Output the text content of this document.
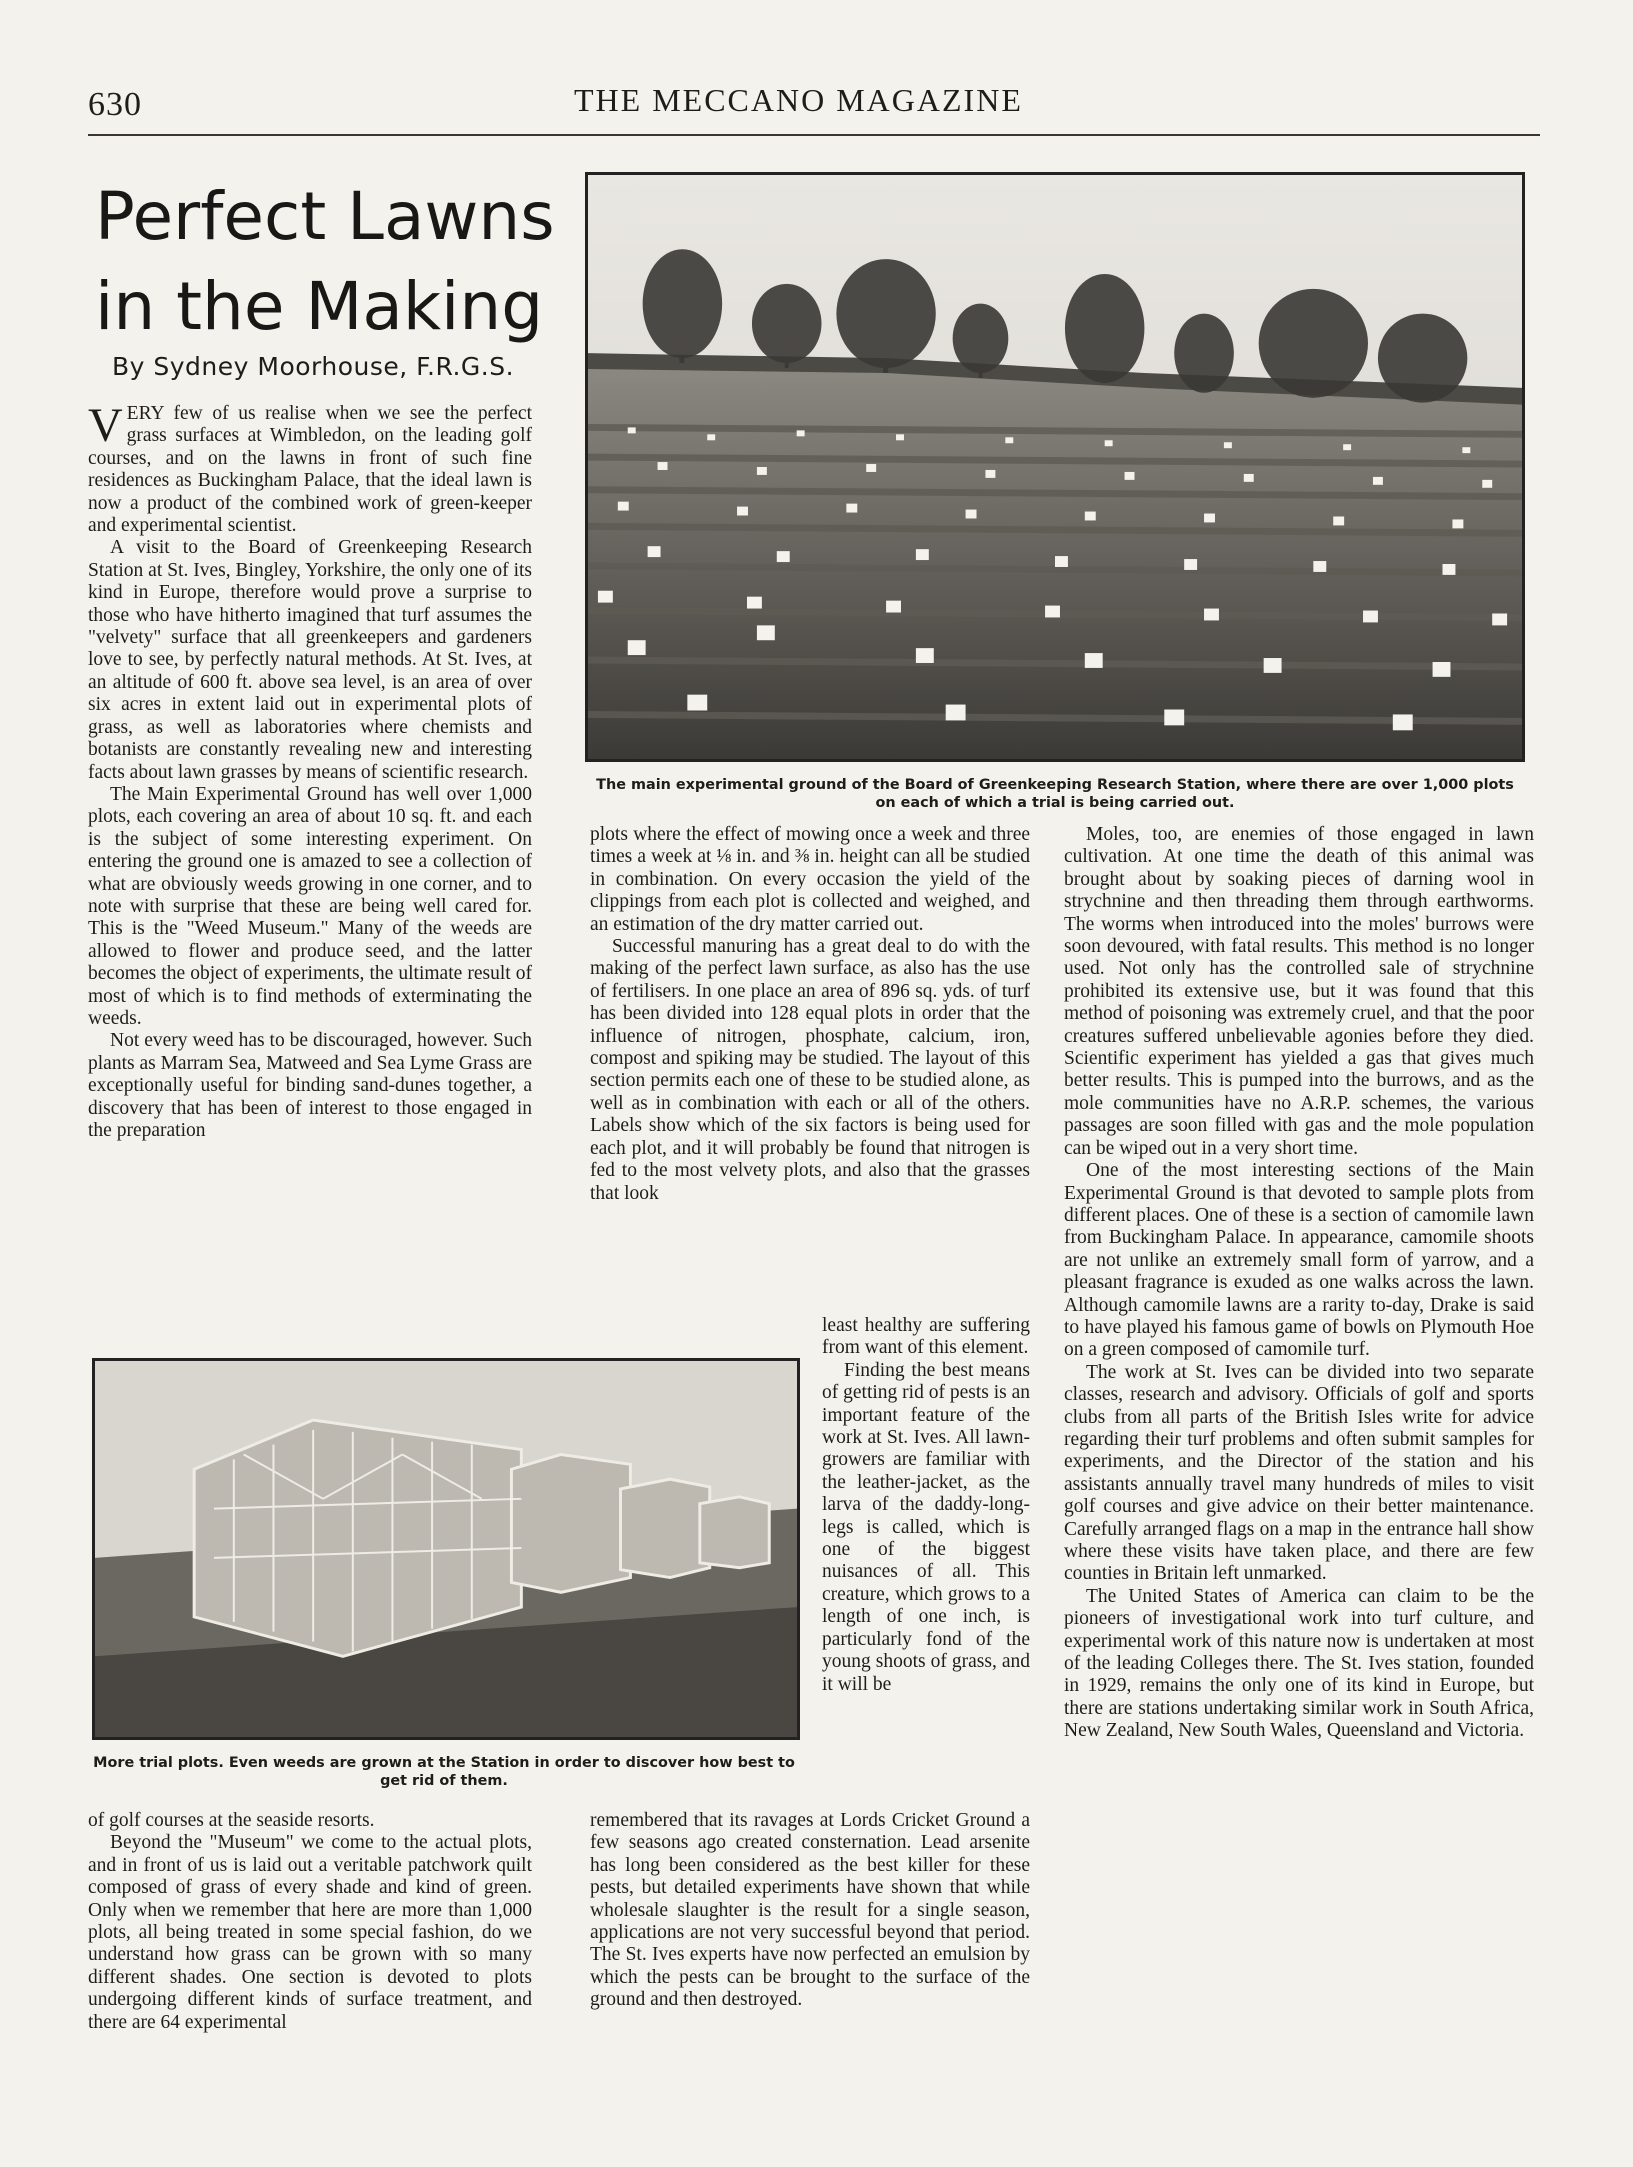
630	THE MECCANO MAGAZINE
Perfect Lawns
in the Making
By Sydney Moorhouse, F.R.G.S.
The main experimental ground of the Board of Greenkeeping Research Station, where there are over 1,000 plots on each of which a trial is being carried out.

VERY few of us realise when we see the perfect grass surfaces at Wimbledon, on the leading golf courses, and on the lawns in front of such fine residences as Buckingham Palace, that the ideal lawn is now a product of the combined work of green-keeper and experimental scientist.

A visit to the Board of Greenkeeping Research Station at St. Ives, Bingley, Yorkshire, the only one of its kind in Europe, therefore would prove a surprise to those who have hitherto imagined that turf assumes the "velvety" surface that all greenkeepers and gardeners love to see, by perfectly natural methods. At St. Ives, at an altitude of 600 ft. above sea level, is an area of over six acres in extent laid out in experimental plots of grass, as well as laboratories where chemists and botanists are constantly revealing new and interesting facts about lawn grasses by means of scientific research.

The Main Experimental Ground has well over 1,000 plots, each covering an area of about 10 sq. ft. and each is the subject of some interesting experiment. On entering the ground one is amazed to see a collection of what are obviously weeds growing in one corner, and to note with surprise that these are being well cared for. This is the "Weed Museum." Many of the weeds are allowed to flower and produce seed, and the latter becomes the object of experiments, the ultimate result of most of which is to find methods of exterminating the weeds.

Not every weed has to be discouraged, however. Such plants as Marram Sea, Matweed and Sea Lyme Grass are exceptionally useful for binding sand-dunes together, a discovery that has been of interest to those engaged in the preparation

plots where the effect of mowing once a week and three times a week at ⅛ in. and ⅜ in. height can all be studied in combination. On every occasion the yield of the clippings from each plot is collected and weighed, and an estimation of the dry matter carried out.

Successful manuring has a great deal to do with the making of the perfect lawn surface, as also has the use of fertilisers. In one place an area of 896 sq. yds. of turf has been divided into 128 equal plots in order that the influence of nitrogen, phosphate, calcium, iron, compost and spiking may be studied. The layout of this section permits each one of these to be studied alone, as well as in combination with each or all of the others. Labels show which of the six factors is being used for each plot, and it will probably be found that nitrogen is fed to the most velvety plots, and also that the grasses that look

Moles, too, are enemies of those engaged in lawn cultivation. At one time the death of this animal was brought about by soaking pieces of darning wool in strychnine and then threading them through earthworms. The worms when introduced into the moles' burrows were soon devoured, with fatal results. This method is no longer used. Not only has the controlled sale of strychnine prohibited its extensive use, but it was found that this method of poisoning was extremely cruel, and that the poor creatures suffered unbelievable agonies before they died. Scientific experiment has yielded a gas that gives much better results. This is pumped into the burrows, and as the mole communities have no A.R.P. schemes, the various passages are soon filled with gas and the mole population can be wiped out in a very short time.

One of the most interesting sections of the Main Experimental Ground is that devoted to sample plots from different places. One of these is a section of camomile lawn from Buckingham Palace. In appearance, camomile shoots are not unlike an extremely small form of yarrow, and a pleasant fragrance is exuded as one walks across the lawn. Although camomile lawns are a rarity to-day, Drake is said to have played his famous game of bowls on Plymouth Hoe on a green composed of camomile turf.

The work at St. Ives can be divided into two separate classes, research and advisory. Officials of golf and sports clubs from all parts of the British Isles write for advice regarding their turf problems and often submit samples for experiments, and the Director of the station and his assistants annually travel many hundreds of miles to visit golf courses and give advice on their better maintenance. Carefully arranged flags on a map in the entrance hall show where these visits have taken place, and there are few counties in Britain left unmarked.

The United States of America can claim to be the pioneers of investigational work into turf culture, and experimental work of this nature now is undertaken at most of the leading Colleges there. The St. Ives station, founded in 1929, remains the only one of its kind in Europe, but there are stations undertaking similar work in South Africa, New Zealand, New South Wales, Queensland and Victoria.

More trial plots. Even weeds are grown at the Station in order to discover how best to get rid of them.

least healthy are suffering from want of this element.

Finding the best means of getting rid of pests is an important feature of the work at St. Ives. All lawn-growers are familiar with the leather-jacket, as the larva of the daddy-long-legs is called, which is one of the biggest nuisances of all. This creature, which grows to a length of one inch, is particularly fond of the young shoots of grass, and it will be

of golf courses at the seaside resorts.

Beyond the "Museum" we come to the actual plots, and in front of us is laid out a veritable patchwork quilt composed of grass of every shade and kind of green. Only when we remember that here are more than 1,000 plots, all being treated in some special fashion, do we understand how grass can be grown with so many different shades. One section is devoted to plots undergoing different kinds of surface treatment, and there are 64 experimental

remembered that its ravages at Lords Cricket Ground a few seasons ago created consternation. Lead arsenite has long been considered as the best killer for these pests, but detailed experiments have shown that while wholesale slaughter is the result for a single season, applications are not very successful beyond that period. The St. Ives experts have now perfected an emulsion by which the pests can be brought to the surface of the ground and then destroyed.
